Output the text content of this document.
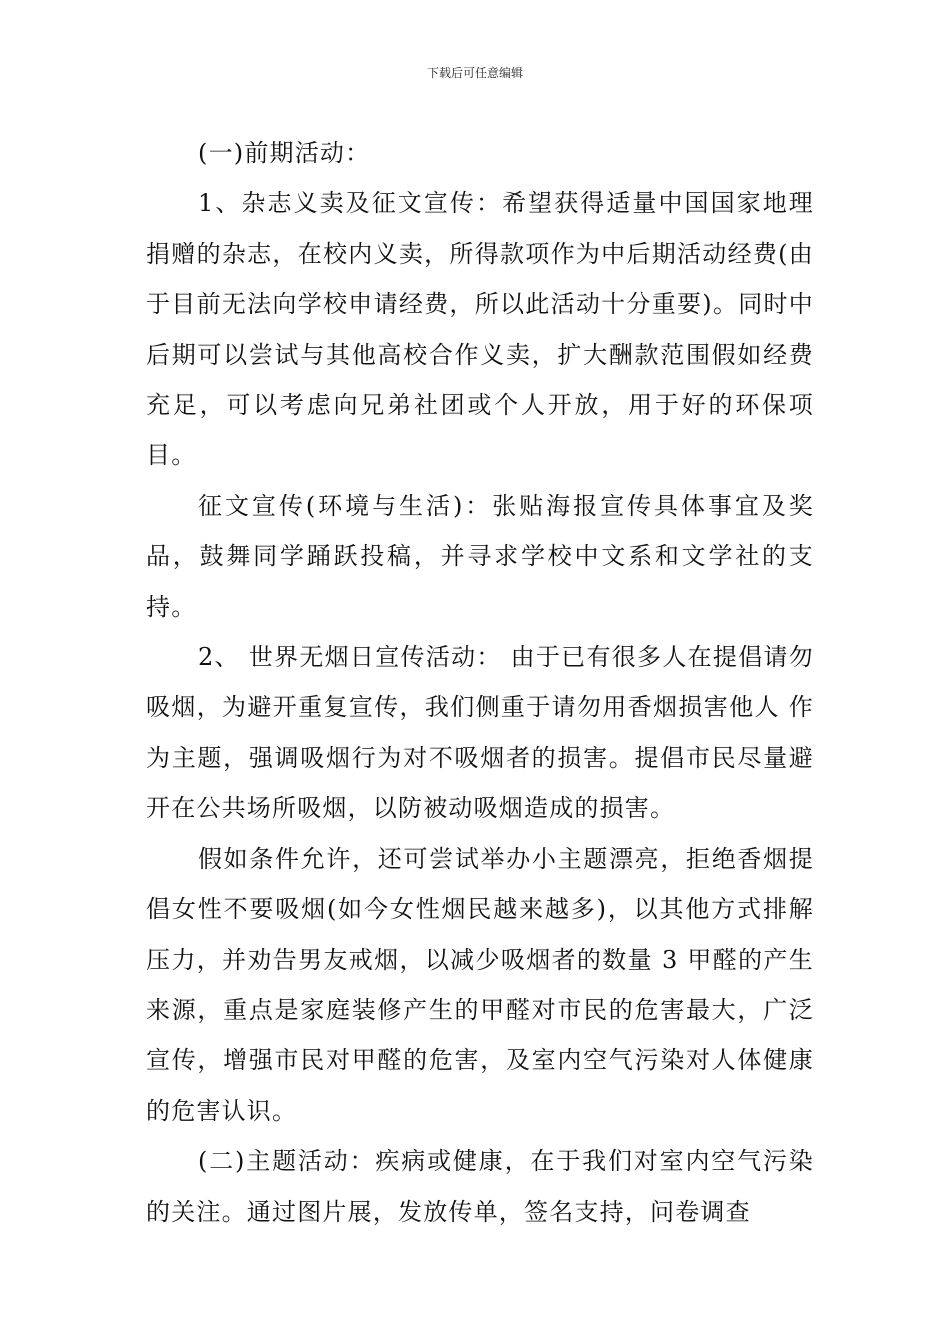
下载后可任意编辑

(一)前期活动：

1、杂志义卖及征文宣传：希望获得适量中国国家地理捐赠的杂志，在校内义卖，所得款项作为中后期活动经费(由于目前无法向学校申请经费，所以此活动十分重要)。同时中后期可以尝试与其他高校合作义卖，扩大酬款范围假如经费充足，可以考虑向兄弟社团或个人开放，用于好的环保项目。

征文宣传(环境与生活)：张贴海报宣传具体事宜及奖品，鼓舞同学踊跃投稿，并寻求学校中文系和文学社的支持。

2、 世界无烟日宣传活动： 由于已有很多人在提倡请勿吸烟，为避开重复宣传，我们侧重于请勿用香烟损害他人 作为主题，强调吸烟行为对不吸烟者的损害。提倡市民尽量避开在公共场所吸烟，以防被动吸烟造成的损害。

假如条件允许，还可尝试举办小主题漂亮，拒绝香烟提倡女性不要吸烟(如今女性烟民越来越多)，以其他方式排解压力，并劝告男友戒烟，以减少吸烟者的数量 3 甲醛的产生来源，重点是家庭装修产生的甲醛对市民的危害最大，广泛宣传，增强市民对甲醛的危害，及室内空气污染对人体健康的危害认识。

(二)主题活动：疾病或健康，在于我们对室内空气污染的关注。通过图片展，发放传单，签名支持，问卷调查
